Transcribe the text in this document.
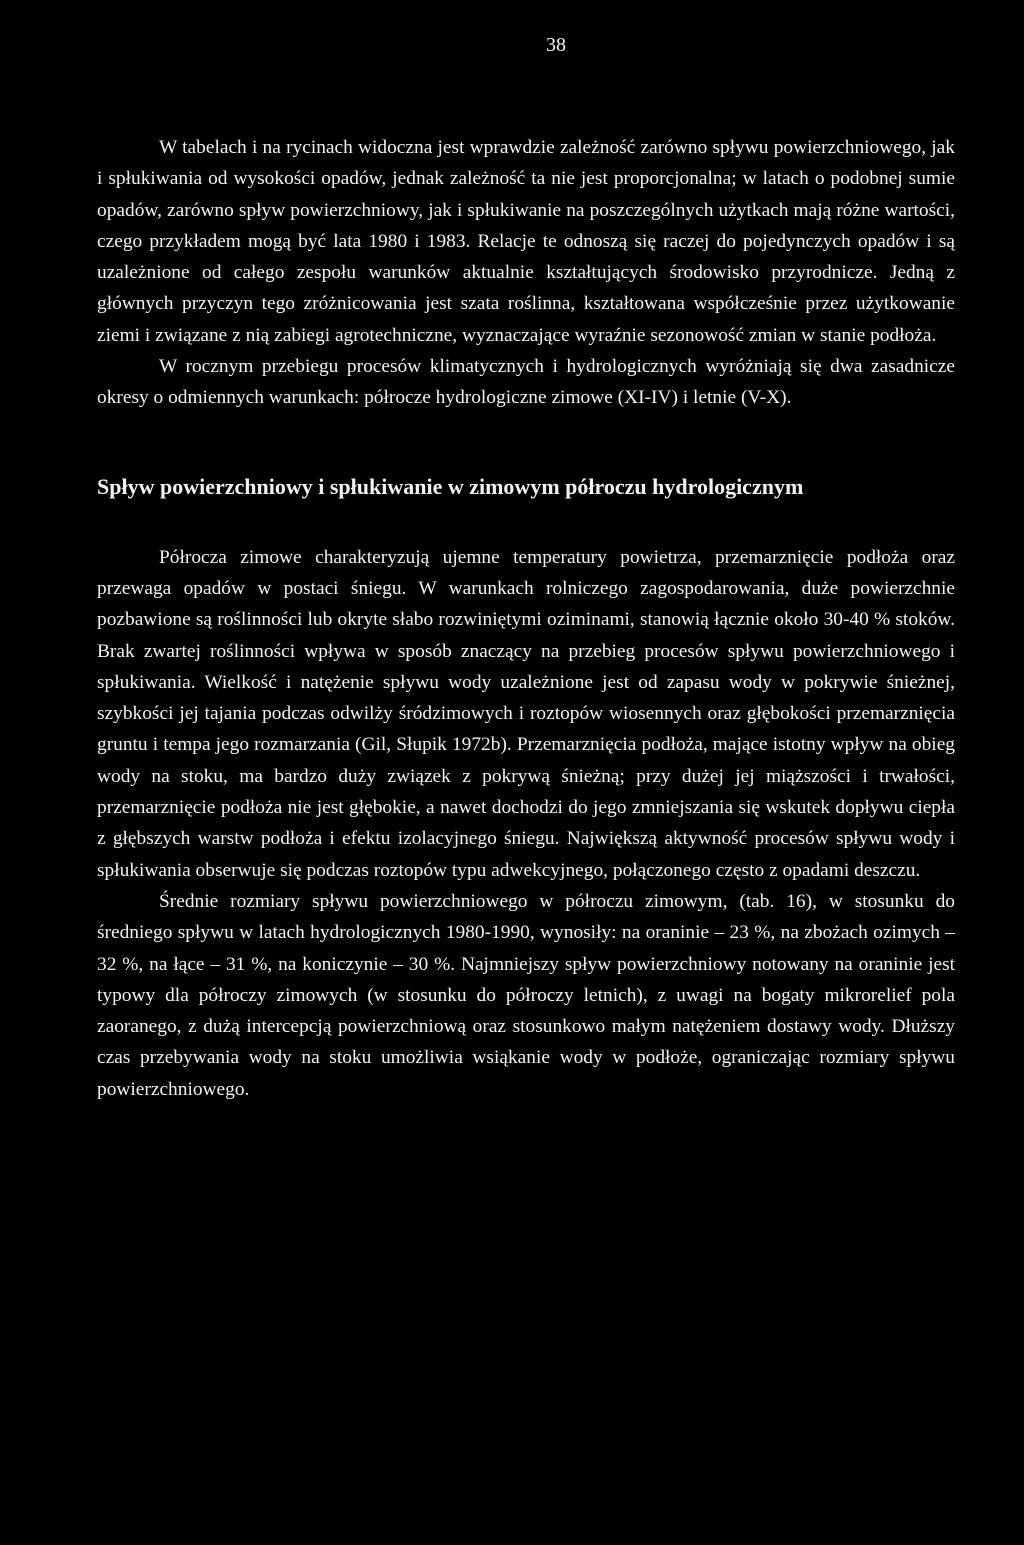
38

W tabelach i na rycinach widoczna jest wprawdzie zależność zarówno spływu powierzchniowego, jak i spłukiwania od wysokości opadów, jednak zależność ta nie jest proporcjonalna; w latach o podobnej sumie opadów, zarówno spływ powierzchniowy, jak i spłukiwanie na poszczególnych użytkach mają różne wartości, czego przykładem mogą być lata 1980 i 1983. Relacje te odnoszą się raczej do pojedynczych opadów i są uzależnione od całego zespołu warunków aktualnie kształtujących środowisko przyrodnicze. Jedną z głównych przyczyn tego zróżnicowania jest szata roślinna, kształtowana współcześnie przez użytkowanie ziemi i związane z nią zabiegi agrotechniczne, wyznaczające wyraźnie sezonowość zmian w stanie podłoża.

W rocznym przebiegu procesów klimatycznych i hydrologicznych wyróżniają się dwa zasadnicze okresy o odmiennych warunkach: półrocze hydrologiczne zimowe (XI-IV) i letnie (V-X).

Spływ powierzchniowy i spłukiwanie w zimowym półroczu hydrologicznym

Półrocza zimowe charakteryzują ujemne temperatury powietrza, przemarznięcie podłoża oraz przewaga opadów w postaci śniegu. W warunkach rolniczego zagospodarowania, duże powierzchnie pozbawione są roślinności lub okryte słabo rozwiniętymi oziminami, stanowią łącznie około 30-40 % stoków. Brak zwartej roślinności wpływa w sposób znaczący na przebieg procesów spływu powierzchniowego i spłukiwania. Wielkość i natężenie spływu wody uzależnione jest od zapasu wody w pokrywie śnieżnej, szybkości jej tajania podczas odwilży śródzimowych i roztopów wiosennych oraz głębokości przemarznięcia gruntu i tempa jego rozmarzania (Gil, Słupik 1972b). Przemarznięcia podłoża, mające istotny wpływ na obieg wody na stoku, ma bardzo duży związek z pokrywą śnieżną; przy dużej jej miąższości i trwałości, przemarznięcie podłoża nie jest głębokie, a nawet dochodzi do jego zmniejszania się wskutek dopływu ciepła z głębszych warstw podłoża i efektu izolacyjnego śniegu. Największą aktywność procesów spływu wody i spłukiwania obserwuje się podczas roztopów typu adwekcyjnego, połączonego często z opadami deszczu.

Średnie rozmiary spływu powierzchniowego w półroczu zimowym, (tab. 16), w stosunku do średniego spływu w latach hydrologicznych 1980-1990, wynosiły: na oraninie – 23 %, na zbożach ozimych – 32 %, na łące – 31 %, na koniczynie – 30 %. Najmniejszy spływ powierzchniowy notowany na oraninie jest typowy dla półroczy zimowych (w stosunku do półroczy letnich), z uwagi na bogaty mikrorelief pola zaoranego, z dużą intercepcją powierzchniową oraz stosunkowo małym natężeniem dostawy wody. Dłuższy czas przebywania wody na stoku umożliwia wsiąkanie wody w podłoże, ograniczając rozmiary spływu powierzchniowego.
